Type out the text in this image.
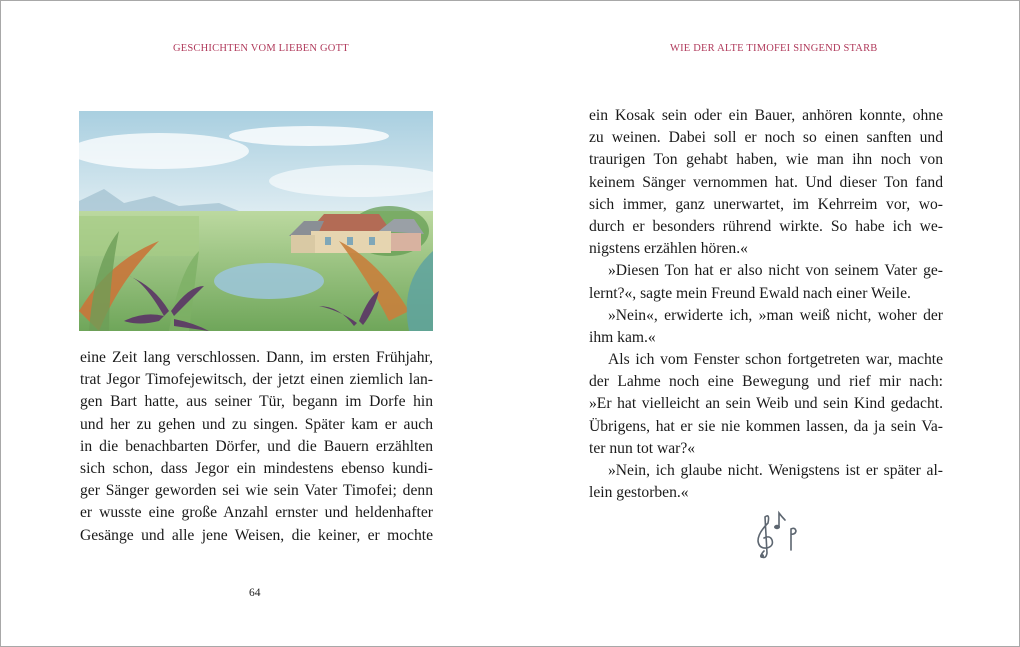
GESCHICHTEN VOM LIEBEN GOTT
eine Zeit lang verschlossen. Dann, im ersten Frühjahr,
trat Jegor Timofejewitsch, der jetzt einen ziemlich lan-
gen Bart hatte, aus seiner Tür, begann im Dorfe hin
und her zu gehen und zu singen. Später kam er auch
in die benachbarten Dörfer, und die Bauern erzählten
sich schon, dass Jegor ein mindestens ebenso kundi-
ger Sänger geworden sei wie sein Vater Timofei; denn
er wusste eine große Anzahl ernster und heldenhafter
Gesänge und alle jene Weisen, die keiner, er mochte
64
WIE DER ALTE TIMOFEI SINGEND STARB
ein Kosak sein oder ein Bauer, anhören konnte, ohne
zu weinen. Dabei soll er noch so einen sanften und
traurigen Ton gehabt haben, wie man ihn noch von
keinem Sänger vernommen hat. Und dieser Ton fand
sich immer, ganz unerwartet, im Kehrreim vor, wo-
durch er besonders rührend wirkte. So habe ich we-
nigstens erzählen hören.«
»Diesen Ton hat er also nicht von seinem Vater ge-
lernt?«, sagte mein Freund Ewald nach einer Weile.
»Nein«, erwiderte ich, »man weiß nicht, woher der
ihm kam.«
Als ich vom Fenster schon fortgetreten war, machte
der Lahme noch eine Bewegung und rief mir nach:
»Er hat vielleicht an sein Weib und sein Kind gedacht.
Übrigens, hat er sie nie kommen lassen, da ja sein Va-
ter nun tot war?«
»Nein, ich glaube nicht. Wenigstens ist er später al-
lein gestorben.«
